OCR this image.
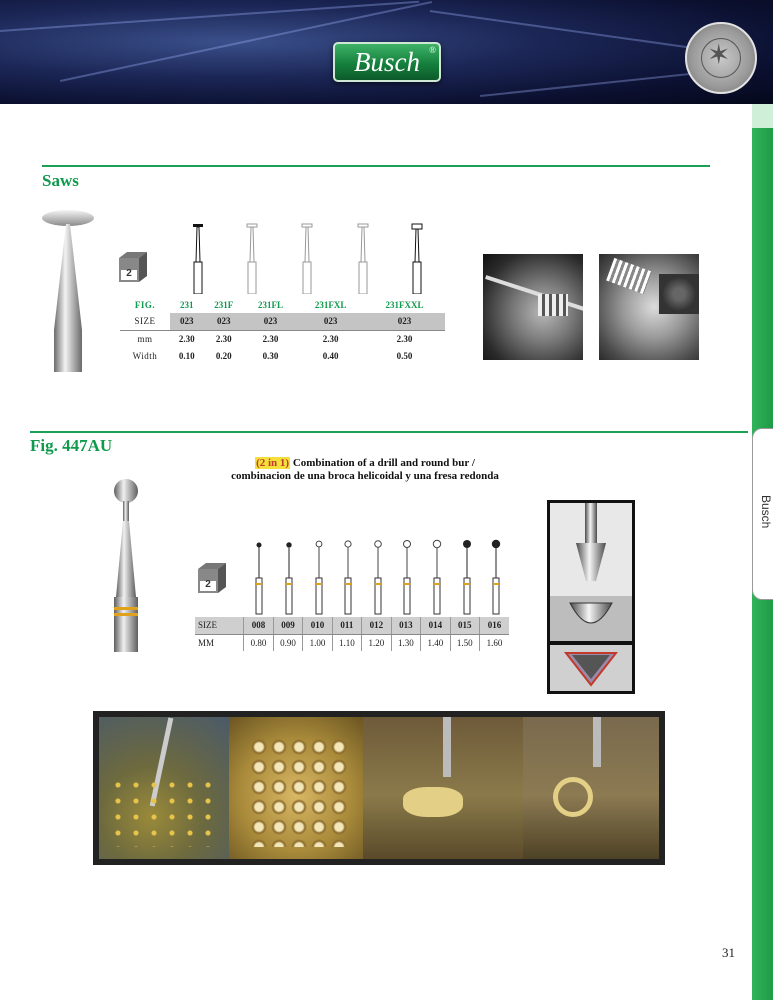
Busch ®	✶
Busch
Saws
2
FIG.	231	231F	231FL	231FXL	231FXXL
SIZE	023	023	023	023	023
mm	2.30	2.30	2.30	2.30	2.30
Width	0.10	0.20	0.30	0.40	0.50
Fig. 447AU
(2 in 1) Combination of a drill and round bur /
combinacion de una broca helicoidal y una fresa redonda
2
SIZE	008	009	010	011	012	013	014	015	016
MM	0.80	0.90	1.00	1.10	1.20	1.30	1.40	1.50	1.60
31
